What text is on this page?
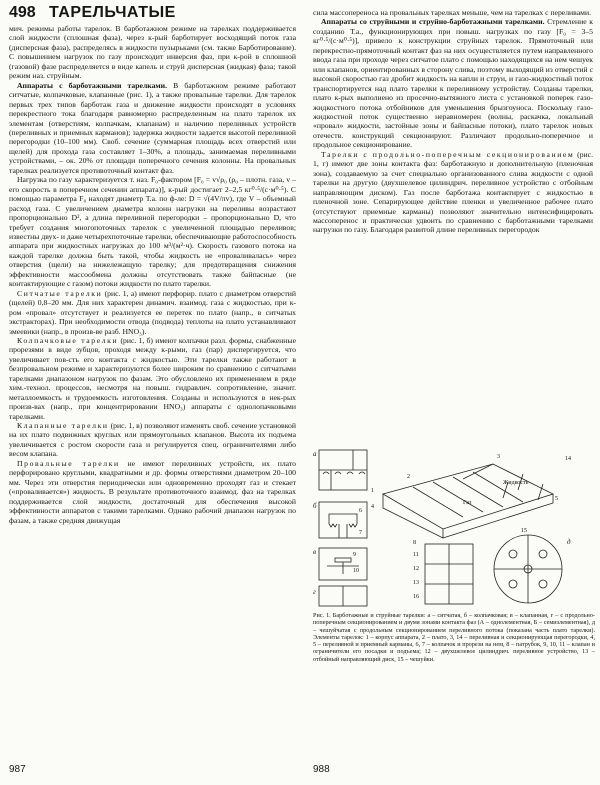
498 ТАРЕЛЬЧАТЫЕ

мич. режимы работы тарелок. В барботажном режиме на тарелках поддерживается слой жидкости (сплошная фаза), через к-рый барботирует восходящий поток газа (дисперсная фаза), распределясь в жидкости пузырьками (см. также Барботирование). С повышением нагрузок по газу происходит инверсия фаз, при к-рой в сплошной (газовой) фазе распределяется в виде капель и струй дисперсная (жидкая) фаза; такой режим наз. струйным.

Аппараты с барботажными тарелками. В барботажном режиме работают ситчатые, колпачковые, клапанные (рис. 1), а также провальные тарелки. Для тарелок первых трех типов барботаж газа и движение жидкости происходят в условиях перекрестного тока благодаря равномерно распределенным на плато тарелок их элементам (отверстиям, колпачкам, клапанам) и наличию переливных устройств (переливных и приемных карманов); задержка жидкости задается высотой переливной перегородки (10–100 мм). Своб. сечение (суммарная площадь всех отверстий или щелей) для прохода газа составляет 1–30%, а площадь, занимаемая переливными устройствами, – ок. 20% от площади поперечного сечения колонны. На провальных тарелках реализуется противоточный контакт фаз.

Нагрузка по газу характеризуется т. наз. F₀-фактором [F₀ = v√ρ₀ (ρ₀ – плотн. газа, v – его скорость в поперечном сечении аппарата)], к-рый достигает 2–2,5 кг⁰·⁵/(с·м⁰·⁵). С помощью параметра F₀ находят диаметр Т.а. по ф-ле: D = √(4V/πv), где V – объемный расход газа. С увеличением диаметра колонн нагрузки на переливы возрастают пропорционально D², а длина переливной перегородки – пропорционально D, что требует создания многопоточных тарелок с увеличенной площадью переливов; известны двух- и даже четырехпоточные тарелки, обеспечивающие работоспособность аппарата при жидкостных нагрузках до 100 м³/(м²·ч). Скорость газового потока на каждой тарелке должна быть такой, чтобы жидкость не «проваливалась» через отверстия (щели) на нижележащую тарелку; для предотвращения снижения эффективности массообмена должны отсутствовать также байпасные (не контактирующие с газом) потоки жидкости по плато тарелки.

Ситчатые тарелки (рис. 1, а) имеют перфорир. плато с диаметром отверстий (щелей) 0,8–20 мм. Для них характерен динамич. взаимод. газа с жидкостью, при к-ром «провал» отсутствует и реализуется ее перетек по плато (напр., в ситчатых экстракторах). При необходимости отвода (подвода) теплоты на плато устанавливают змеевики (напр., в произв-ве разб. HNO₃).

Колпачковые тарелки (рис. 1, б) имеют колпачки разл. формы, снабженные прорезями в виде зубцов, проходя между к-рыми, газ (пар) диспергируется, что увеличивает пов-сть его контакта с жидкостью. Эти тарелки также работают в безпровальном режиме и характеризуются более широким по сравнению с ситчатыми тарелками диапазоном нагрузок по фазам. Это обусловлено их применением в ряде хим.-технол. процессов, несмотря на повыш. гидравлич. сопротивление, значит. металлоемкость и трудоемкость изготовления. Созданы и используются в нек-рых произв-вах (напр., при концентрировании HNO₃) аппараты с однолопачковыми тарелками.

Клапанные тарелки (рис. 1, в) позволяют изменять своб. сечение установкой на их плато подвижных круглых или прямоугольных клапанов. Высота их подъема увеличивается с ростом скорости газа и регулируется спец. ограничителями либо весом клапана.

Провальные тарелки не имеют переливных устройств, их плато перфорировано круглыми, квадратными и др. формы отверстиями диаметром 20–100 мм. Через эти отверстия периодически или одновременно проходят газ и стекает («проваливается») жидкость. В результате противоточного взаимод. фаз на тарелках поддерживается слой жидкости, достаточный для обеспечения высокой эффективности аппаратов с такими тарелками. Однако рабочий диапазон нагрузок по фазам, а также средняя движущая

сила массопереноса на провальных тарелках меньше, чем на тарелках с переливами.

Аппараты со струйными и струйно-барботажными тарелками. Стремление к созданию Т.а., функционирующих при повыш. нагрузках по газу [F₀ = 3–5 кг⁰·⁵/(с·м⁰·⁵)], привело к конструкции струйных тарелок. Прямоточный или перекрестно-прямоточный контакт фаз на них осуществляется путем направленного ввода газа при проходе через ситчатое плато с помощью находящихся на нем чешуек или клапанов, ориентированных в сторону слива, поэтому выходящий из отверстий с высокой скоростью газ дробит жидкость на капли и струи, и газо-жидкостный поток транспортируется над плато тарелки к переливному устройству. Созданы тарелки, плато к-рых выполнено из просечно-вытяжного листа с установкой поперек газо-жидкостного потока отбойников для уменьшения брызгоуноса. Поскольку газо-жидкостной поток существенно неравномерен (волны, раскачка, локальный «провал» жидкости, застойные зоны и байпасные потоки), плато тарелок новых отечеств. конструкций секционируют. Различают продольно-поперечное и продольное секционирование.

Тарелки с продольно-поперечным секционированием (рис. 1, г) имеют две зоны контакта фаз: барботажную и дополнительную (пленочная зона), создаваемую за счет специально организованного слива жидкости с одной тарелки на другую (двухшелевое цилиндрич. переливное устройство с отбойным направляющим диском). Газ после барботажа контактирует с жидкостью в пленочной зоне. Сепарирующее действие пленки и увеличенное рабочее плато (отсутствуют приемные карманы) позволяют значительно интенсифицировать массоперенос и практически удвоить по сравнению с барботажными тарелками нагрузки по газу. Благодаря развитой длине переливных перегородок

а
б
в
г
д
Газ
Жидкость
1
2
3
4
5
6
7
8
9
10
11
12
13
14
15
16
Рис. 1. Барботажные и струйные тарелки: а – ситчатая, б – колпачковая; в – клапанная, г – с продольно-поперечным секционированием и двумя зонами контакта фаз (А – однолементная, Б – семиэлементная), д – чешуйчатая с продольным секционированием переливного потока (показана часть плато тарелки). Элементы тарелок: 1 – корпус аппарата, 2 – плато, 3, 14 – переливная и секционирующая перегородки, 4, 5 – переливной и приемный карманы, 6, 7 – колпачок и прорези на нем, 8 – патрубок, 9, 10, 11 – клапан и ограничители его посадки и подъема; 12 – двухшелевое цилиндрич. переливное устройство, 13 – отбойный направляющий диск, 15 – чешуйки.
987	988
